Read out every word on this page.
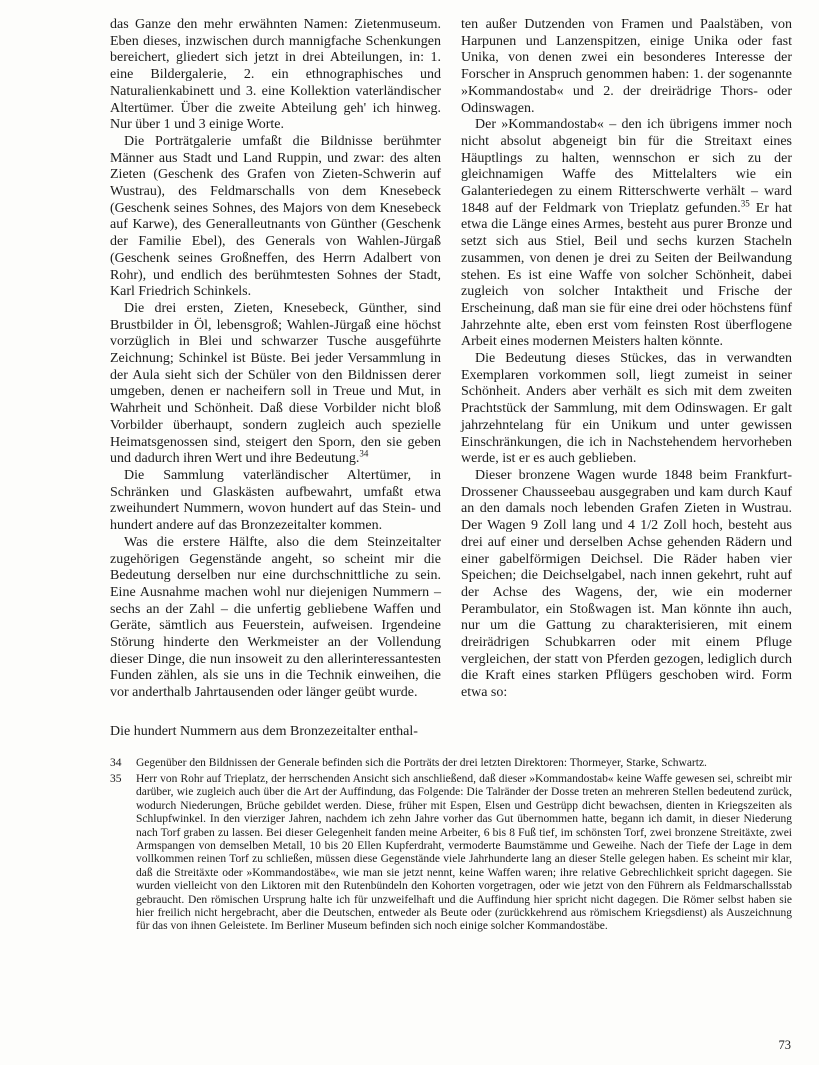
das Ganze den mehr erwähnten Namen: Zietenmuseum. Eben dieses, inzwischen durch mannigfache Schenkungen bereichert, gliedert sich jetzt in drei Abteilungen, in: 1. eine Bildergalerie, 2. ein ethnographisches und Naturalienkabinett und 3. eine Kollektion vaterländischer Altertümer. Über die zweite Abteilung geh' ich hinweg. Nur über 1 und 3 einige Worte.

Die Porträtgalerie umfaßt die Bildnisse berühmter Männer aus Stadt und Land Ruppin, und zwar: des alten Zieten (Geschenk des Grafen von Zieten-Schwerin auf Wustrau), des Feldmarschalls von dem Knesebeck (Geschenk seines Sohnes, des Majors von dem Knesebeck auf Karwe), des Generalleutnants von Günther (Geschenk der Familie Ebel), des Generals von Wahlen-Jürgaß (Geschenk seines Großneffen, des Herrn Adalbert von Rohr), und endlich des berühmtesten Sohnes der Stadt, Karl Friedrich Schinkels.

Die drei ersten, Zieten, Knesebeck, Günther, sind Brustbilder in Öl, lebensgroß; Wahlen-Jürgaß eine höchst vorzüglich in Blei und schwarzer Tusche ausgeführte Zeichnung; Schinkel ist Büste. Bei jeder Versammlung in der Aula sieht sich der Schüler von den Bildnissen derer umgeben, denen er nacheifern soll in Treue und Mut, in Wahrheit und Schönheit. Daß diese Vorbilder nicht bloß Vorbilder überhaupt, sondern zugleich auch spezielle Heimatsgenossen sind, steigert den Sporn, den sie geben und dadurch ihren Wert und ihre Bedeutung.$^{34}$

Die Sammlung vaterländischer Altertümer, in Schränken und Glaskästen aufbewahrt, umfaßt etwa zweihundert Nummern, wovon hundert auf das Stein- und hundert andere auf das Bronzezeitalter kommen.

Was die erstere Hälfte, also die dem Steinzeitalter zugehörigen Gegenstände angeht, so scheint mir die Bedeutung derselben nur eine durchschnittliche zu sein. Eine Ausnahme machen wohl nur diejenigen Nummern – sechs an der Zahl – die unfertig gebliebene Waffen und Geräte, sämtlich aus Feuerstein, aufweisen. Irgendeine Störung hinderte den Werkmeister an der Vollendung dieser Dinge, die nun insoweit zu den allerinteressantesten Funden zählen, als sie uns in die Technik einweihen, die vor anderthalb Jahrtausenden oder länger geübt wurde.

ten außer Dutzenden von Framen und Paalstäben, von Harpunen und Lanzenspitzen, einige Unika oder fast Unika, von denen zwei ein besonderes Interesse der Forscher in Anspruch genommen haben: 1. der sogenannte »Kommandostab« und 2. der dreirädrige Thors- oder Odinswagen.

Der »Kommandostab« – den ich übrigens immer noch nicht absolut abgeneigt bin für die Streitaxt eines Häuptlings zu halten, wennschon er sich zu der gleichnamigen Waffe des Mittelalters wie ein Galanteriedegen zu einem Ritterschwerte verhält – ward 1848 auf der Feldmark von Trieplatz gefunden.$^{35}$ Er hat etwa die Länge eines Armes, besteht aus purer Bronze und setzt sich aus Stiel, Beil und sechs kurzen Stacheln zusammen, von denen je drei zu Seiten der Beilwandung stehen. Es ist eine Waffe von solcher Schönheit, dabei zugleich von solcher Intaktheit und Frische der Erscheinung, daß man sie für eine drei oder höchstens fünf Jahrzehnte alte, eben erst vom feinsten Rost überflogene Arbeit eines modernen Meisters halten könnte.

Die Bedeutung dieses Stückes, das in verwandten Exemplaren vorkommen soll, liegt zumeist in seiner Schönheit. Anders aber verhält es sich mit dem zweiten Prachtstück der Sammlung, mit dem Odinswagen. Er galt jahrzehntelang für ein Unikum und unter gewissen Einschränkungen, die ich in Nachstehendem hervorheben werde, ist er es auch geblieben.

Dieser bronzene Wagen wurde 1848 beim Frankfurt-Drossener Chausseebau ausgegraben und kam durch Kauf an den damals noch lebenden Grafen Zieten in Wustrau. Der Wagen 9 Zoll lang und 4 1/2 Zoll hoch, besteht aus drei auf einer und derselben Achse gehenden Rädern und einer gabelförmigen Deichsel. Die Räder haben vier Speichen; die Deichselgabel, nach innen gekehrt, ruht auf der Achse des Wagens, der, wie ein moderner Perambulator, ein Stoßwagen ist. Man könnte ihn auch, nur um die Gattung zu charakterisieren, mit einem dreirädrigen Schubkarren oder mit einem Pfluge vergleichen, der statt von Pferden gezogen, lediglich durch die Kraft eines starken Pflügers geschoben wird. Form etwa so:

Die hundert Nummern aus dem Bronzezeitalter enthal-

34	Gegenüber den Bildnissen der Generale befinden sich die Porträts der drei letzten Direktoren: Thormeyer, Starke, Schwartz.
35	Herr von Rohr auf Trieplatz, der herrschenden Ansicht sich anschließend, daß dieser »Kommandostab« keine Waffe gewesen sei, schreibt mir darüber, wie zugleich auch über die Art der Auffindung, das Folgende: Die Talränder der Dosse treten an mehreren Stellen bedeutend zurück, wodurch Niederungen, Brüche gebildet werden. Diese, früher mit Espen, Elsen und Gestrüpp dicht bewachsen, dienten in Kriegszeiten als Schlupfwinkel. In den vierziger Jahren, nachdem ich zehn Jahre vorher das Gut übernommen hatte, begann ich damit, in dieser Niederung nach Torf graben zu lassen. Bei dieser Gelegenheit fanden meine Arbeiter, 6 bis 8 Fuß tief, im schönsten Torf, zwei bronzene Streitäxte, zwei Armspangen von demselben Metall, 10 bis 20 Ellen Kupferdraht, vermoderte Baumstämme und Geweihe. Nach der Tiefe der Lage in dem vollkommen reinen Torf zu schließen, müssen diese Gegenstände viele Jahrhunderte lang an dieser Stelle gelegen haben. Es scheint mir klar, daß die Streitäxte oder »Kommandostäbe«, wie man sie jetzt nennt, keine Waffen waren; ihre relative Gebrechlichkeit spricht dagegen. Sie wurden vielleicht von den Liktoren mit den Rutenbündeln den Kohorten vorgetragen, oder wie jetzt von den Führern als Feldmarschallsstab gebraucht. Den römischen Ursprung halte ich für unzweifelhaft und die Auffindung hier spricht nicht dagegen. Die Römer selbst haben sie hier freilich nicht hergebracht, aber die Deutschen, entweder als Beute oder (zurückkehrend aus römischem Kriegsdienst) als Auszeichnung für das von ihnen Geleistete. Im Berliner Museum befinden sich noch einige solcher Kommandostäbe.
73
